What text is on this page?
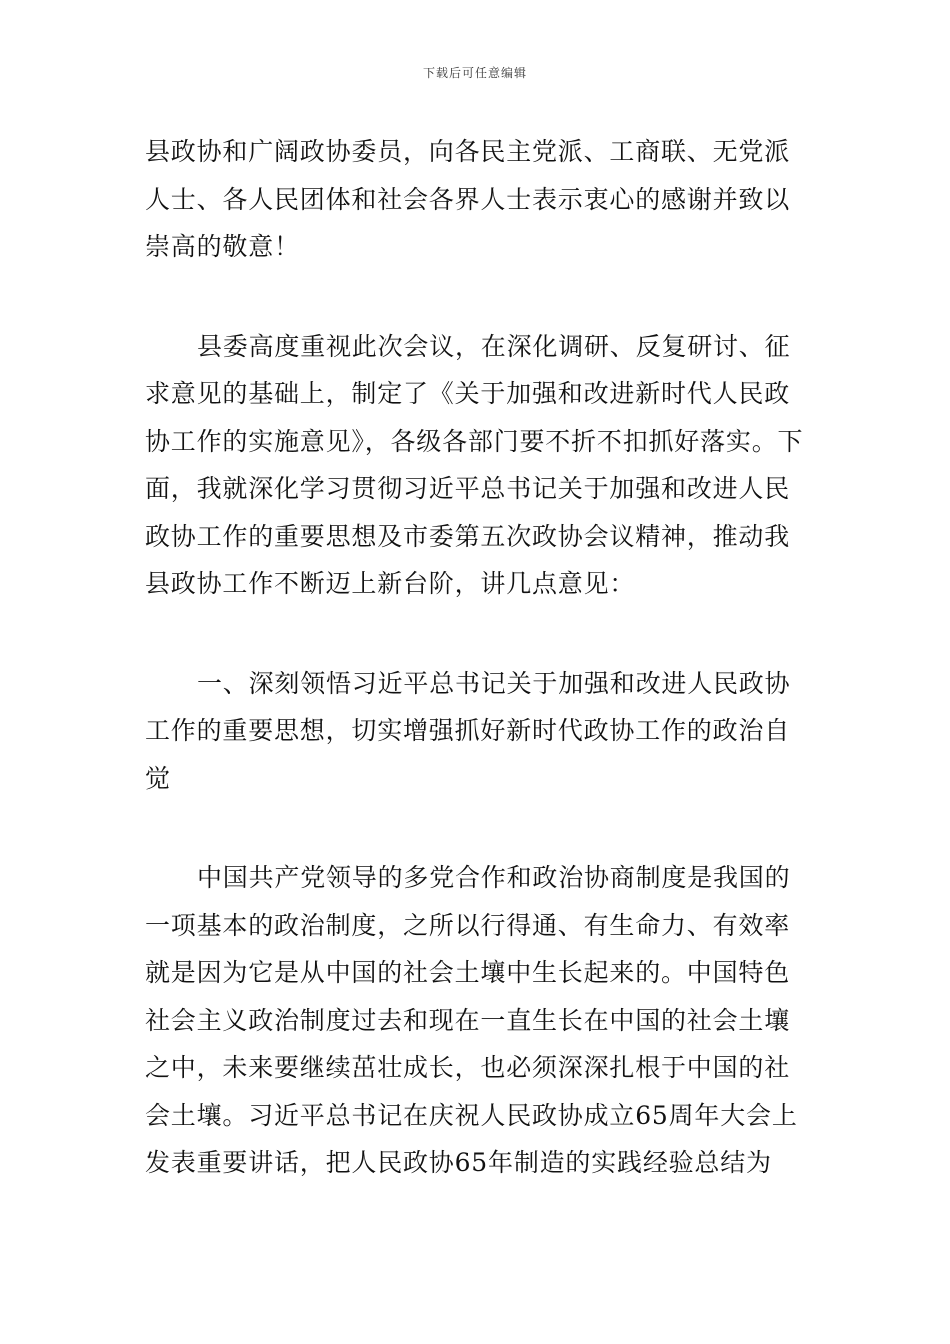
下载后可任意编辑

县政协和广阔政协委员，向各民主党派、工商联、无党派人士、各人民团体和社会各界人士表示衷心的感谢并致以崇高的敬意！

县委高度重视此次会议，在深化调研、反复研讨、征求意见的基础上，制定了《关于加强和改进新时代人民政协工作的实施意见》，各级各部门要不折不扣抓好落实。下面，我就深化学习贯彻习近平总书记关于加强和改进人民政协工作的重要思想及市委第五次政协会议精神，推动我县政协工作不断迈上新台阶，讲几点意见：

一、深刻领悟习近平总书记关于加强和改进人民政协工作的重要思想，切实增强抓好新时代政协工作的政治自觉

中国共产党领导的多党合作和政治协商制度是我国的一项基本的政治制度，之所以行得通、有生命力、有效率就是因为它是从中国的社会土壤中生长起来的。中国特色社会主义政治制度过去和现在一直生长在中国的社会土壤之中，未来要继续茁壮成长，也必须深深扎根于中国的社会土壤。习近平总书记在庆祝人民政协成立65周年大会上发表重要讲话，把人民政协65年制造的实践经验总结为
